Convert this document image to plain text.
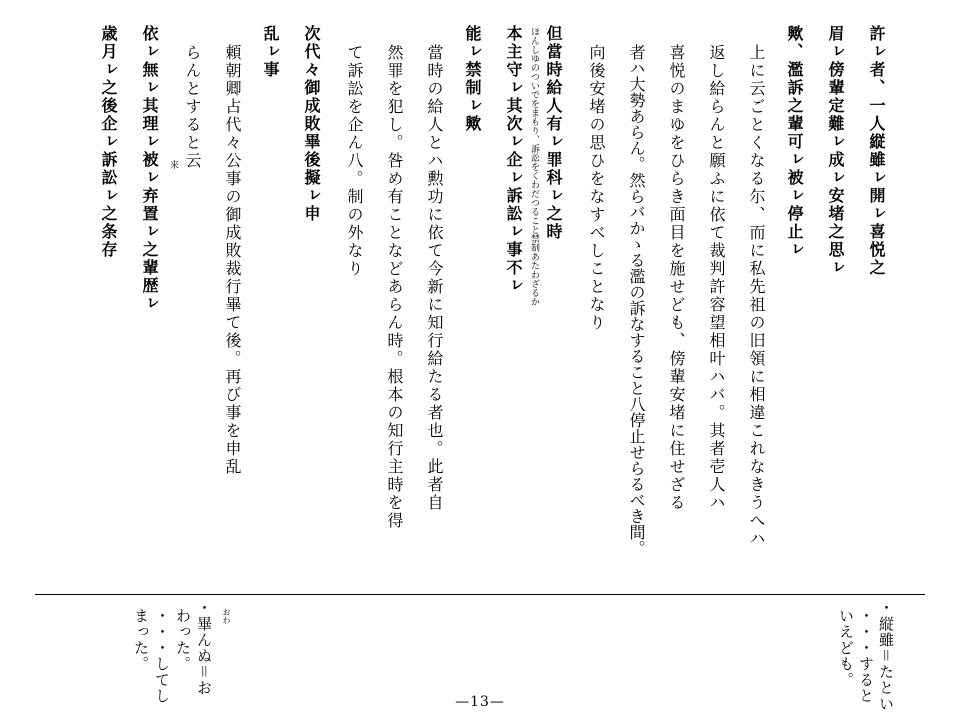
許ㇾ者、一人縦雖ㇾ開ㇾ喜悦之
眉ㇾ傍輩定難ㇾ成ㇾ安堵之思ㇾ
歟、濫訴之輩可ㇾ被ㇾ停止ㇾ
上に云ごとくなる尓、而に私先祖の旧領に相違これなきうへハ
返し給らんと願ふに依て裁判許容望相叶ハバ。其者壱人ハ
喜悦のまゆをひらき面目を施せども、傍輩安堵に住せざる
者ハ大勢あらん。然らバかゝる濫の訴なすること八停止せらるべき間。
向後安堵の思ひをなすべしことなり
但當時給人有ㇾ罪科ㇾ之時
ほんしゆのついでをまもり、訴訟をくわだつること禁制あたわざるか
本主守ㇾ其次ㇾ企ㇾ訴訟ㇾ事不ㇾ
能ㇾ禁制ㇾ歟
當時の給人とハ勲功に依て今新に知行給たる者也。此者自
然罪を犯し。咎め有ことなどあらん時。根本の知行主時を得
て訴訟を企ん八。制の外なり
次代々御成敗畢後擬ㇾ申
乱ㇾ事
頼朝卿占代々公事の御成敗裁行畢て後。再び事を申乱
らんとすると云
来
依ㇾ無ㇾ其理ㇾ被ㇾ弃置ㇾ之輩歴ㇾ
歳月ㇾ之後企ㇾ訴訟ㇾ之条存
・縦雖＝たとい
・・・すると
いえども。
おわ
・畢んぬ＝お
わった。
・・・してし
まった。
—13—
